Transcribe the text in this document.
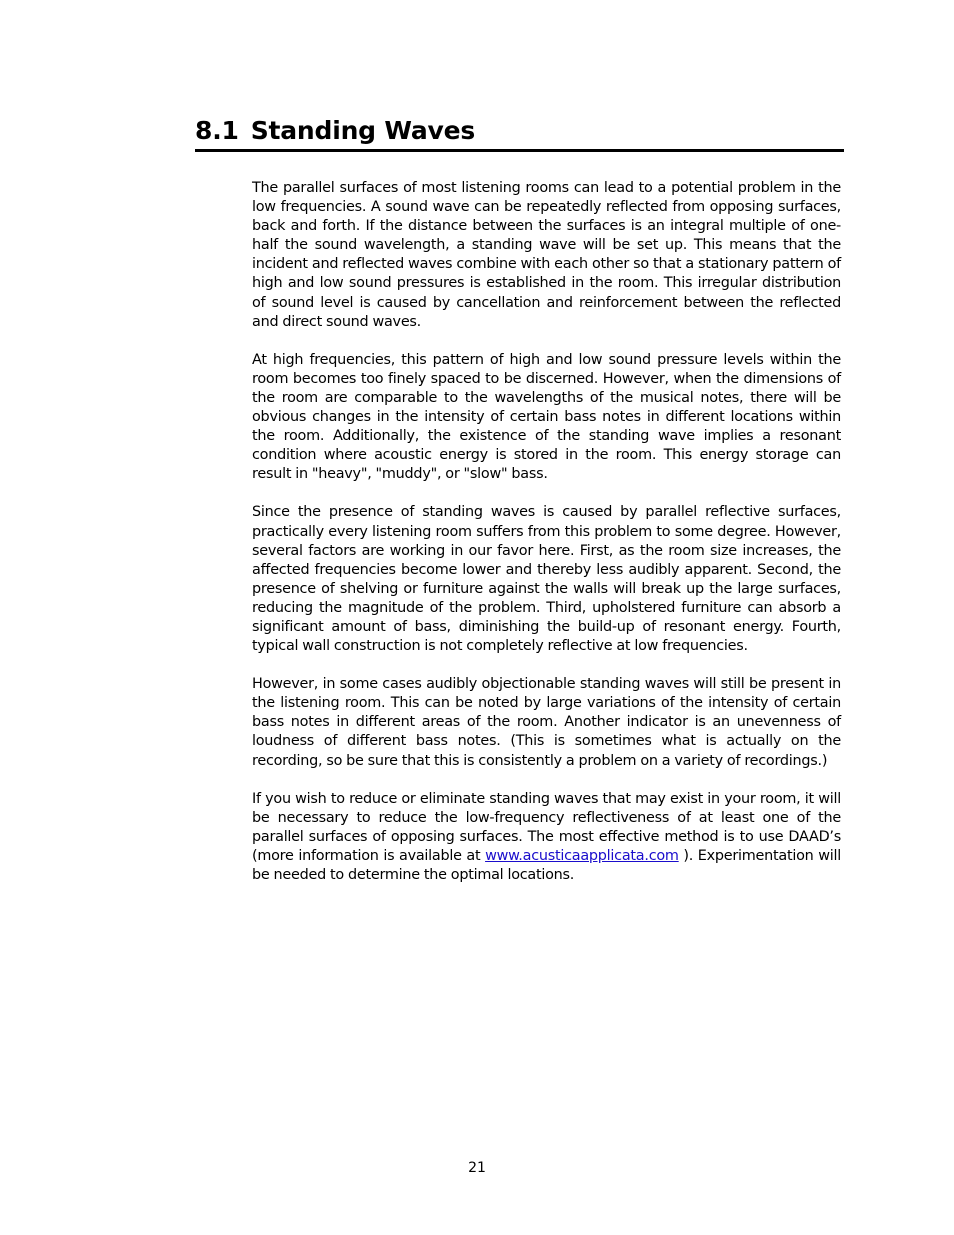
8.1 Standing Waves

The parallel surfaces of most listening rooms can lead to a potential problem in the low frequencies. A sound wave can be repeatedly reflected from opposing surfaces, back and forth. If the distance between the surfaces is an integral multiple of one-half the sound wavelength, a standing wave will be set up. This means that the incident and reflected waves combine with each other so that a stationary pattern of high and low sound pressures is established in the room. This irregular distribution of sound level is caused by cancellation and reinforcement between the reflected and direct sound waves.

At high frequencies, this pattern of high and low sound pressure levels within the room becomes too finely spaced to be discerned. However, when the dimensions of the room are comparable to the wavelengths of the musical notes, there will be obvious changes in the intensity of certain bass notes in different locations within the room. Additionally, the existence of the standing wave implies a resonant condition where acoustic energy is stored in the room. This energy storage can result in "heavy", "muddy", or "slow" bass.

Since the presence of standing waves is caused by parallel reflective surfaces, practically every listening room suffers from this problem to some degree. However, several factors are working in our favor here. First, as the room size increases, the affected frequencies become lower and thereby less audibly apparent. Second, the presence of shelving or furniture against the walls will break up the large surfaces, reducing the magnitude of the problem. Third, upholstered furniture can absorb a significant amount of bass, diminishing the build-up of resonant energy. Fourth, typical wall construction is not completely reflective at low frequencies.

However, in some cases audibly objectionable standing waves will still be present in the listening room. This can be noted by large variations of the intensity of certain bass notes in different areas of the room. Another indicator is an unevenness of loudness of different bass notes. (This is sometimes what is actually on the recording, so be sure that this is consistently a problem on a variety of recordings.)

If you wish to reduce or eliminate standing waves that may exist in your room, it will be necessary to reduce the low-frequency reflectiveness of at least one of the parallel surfaces of opposing surfaces. The most effective method is to use DAAD’s (more information is available at www.acusticaapplicata.com ). Experimentation will be needed to determine the optimal locations.

21
